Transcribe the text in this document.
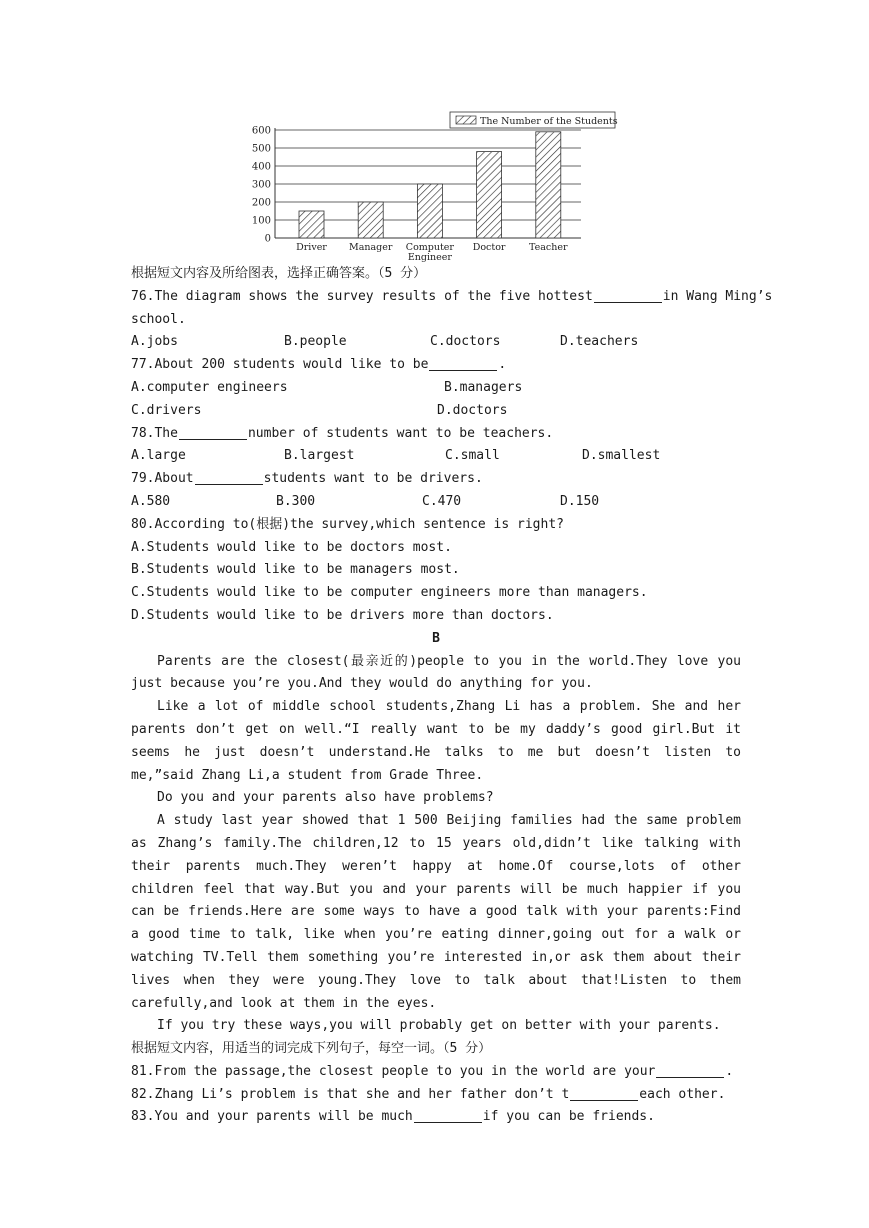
0
100
200
300
400
500
600
Driver Manager Computer
Engineer
Doctor Teacher
The Number of the Students
根据短文内容及所给图表，选择正确答案。（5 分）
76.The diagram shows the survey results of the five hottest	in Wang Ming’s
school.
A.jobs	B.people	C.doctors	D.teachers
77.About 200 students would like to be	.
A.computer engineers	B.managers
C.drivers	D.doctors
78.The	number of students want to be teachers.
A.large	B.largest	C.small	D.smallest
79.About	students want to be drivers.
A.580	B.300	C.470	D.150
80.According to(根据)the survey,which sentence is right?
A.Students would like to be doctors most.
B.Students would like to be managers most.
C.Students would like to be computer engineers more than managers.
D.Students would like to be drivers more than doctors.
B
Parents are the closest(最亲近的)people to you in the world.They love you just because you’re you.And they would do anything for you.
Like a lot of middle school students,Zhang Li has a problem. She and her parents don’t get on well.“I really want to be my daddy’s good girl.But it seems he just doesn’t understand.He talks to me but doesn’t listen to me,”said Zhang Li,a student from Grade Three.
Do you and your parents also have problems?
A study last year showed that 1 500 Beijing families had the same problem as Zhang’s family.The children,12 to 15 years old,didn’t like talking with their parents much.They weren’t happy at home.Of course,lots of other children feel that way.But you and your parents will be much happier if you can be friends.Here are some ways to have a good talk with your parents:Find a good time to talk, like when you’re eating dinner,going out for a walk or watching TV.Tell them something you’re interested in,or ask them about their lives when they were young.They love to talk about that!Listen to them carefully,and look at them in the eyes.
If you try these ways,you will probably get on better with your parents.
根据短文内容，用适当的词完成下列句子，每空一词。（5 分）
81.From the passage,the closest people to you in the world are your	.
82.Zhang Li’s problem is that she and her father don’t t	each other.
83.You and your parents will be much	if you can be friends.
